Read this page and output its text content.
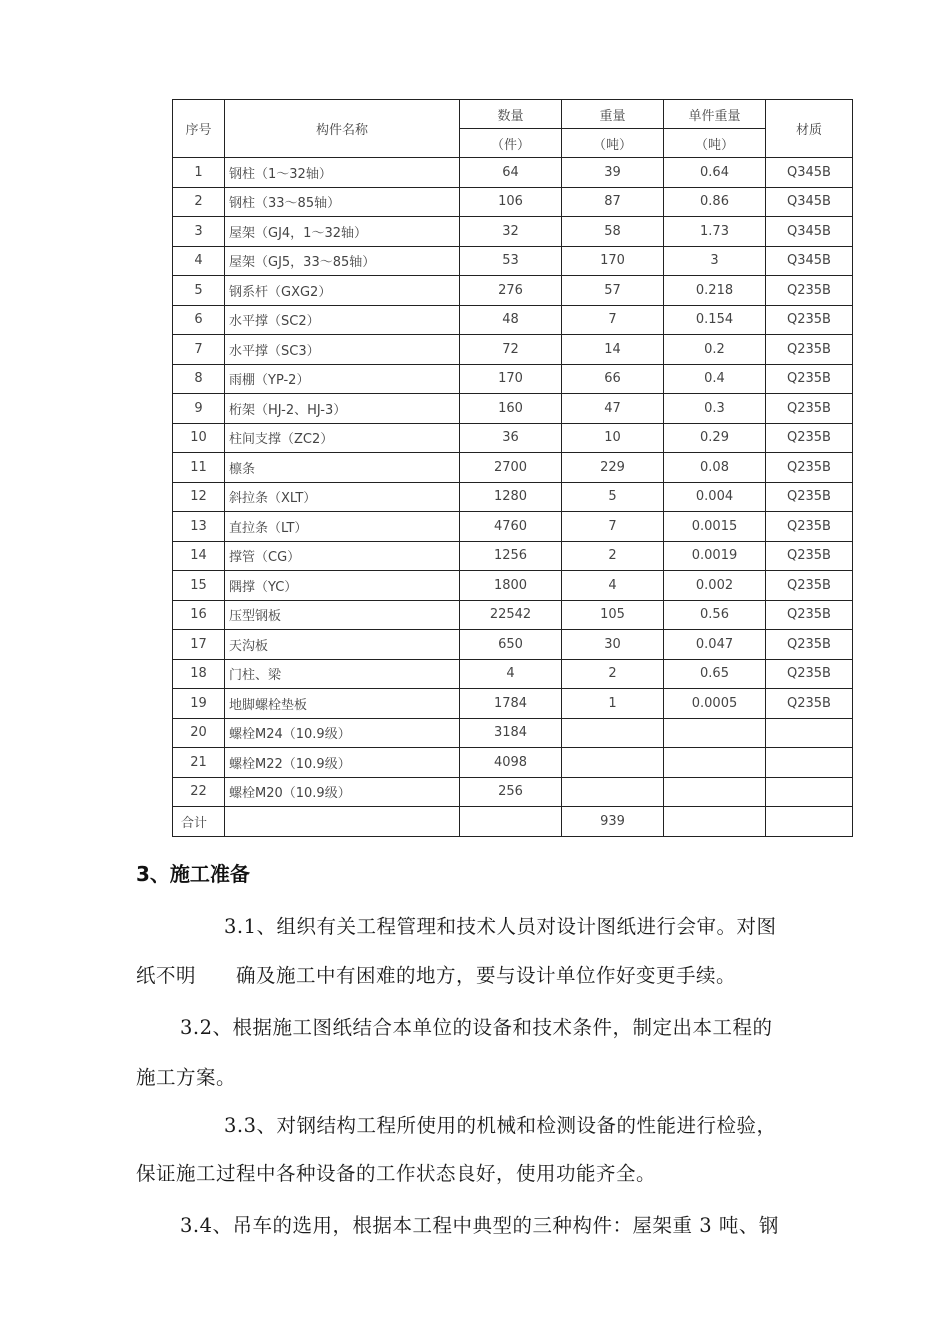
序号	构件名称	数量	重量	单件重量	材质
		（件）	（吨）	（吨）	
1	钢柱（1～32轴）	64	39	0.64	Q345B
2	钢柱（33～85轴）	106	87	0.86	Q345B
3	屋架（GJ4，1～32轴）	32	58	1.73	Q345B
4	屋架（GJ5，33～85轴）	53	170	3	Q345B
5	钢系杆（GXG2）	276	57	0.218	Q235B
6	水平撑（SC2）	48	7	0.154	Q235B
7	水平撑（SC3）	72	14	0.2	Q235B
8	雨棚（YP-2）	170	66	0.4	Q235B
9	桁架（HJ-2、HJ-3）	160	47	0.3	Q235B
10	柱间支撑（ZC2）	36	10	0.29	Q235B
11	檩条	2700	229	0.08	Q235B
12	斜拉条（XLT）	1280	5	0.004	Q235B
13	直拉条（LT）	4760	7	0.0015	Q235B
14	撑管（CG）	1256	2	0.0019	Q235B
15	隅撑（YC）	1800	4	0.002	Q235B
16	压型钢板	22542	105	0.56	Q235B
17	天沟板	650	30	0.047	Q235B
18	门柱、梁	4	2	0.65	Q235B
19	地脚螺栓垫板	1784	1	0.0005	Q235B
20	螺栓M24（10.9级）	3184			
21	螺栓M22（10.9级）	4098			
22	螺栓M20（10.9级）	256			
合计			939		
3、施工准备
3.1、组织有关工程管理和技术人员对设计图纸进行会审。对图
纸不明　　确及施工中有困难的地方，要与设计单位作好变更手续。
3.2、根据施工图纸结合本单位的设备和技术条件，制定出本工程的
施工方案。
3.3、对钢结构工程所使用的机械和检测设备的性能进行检验，
保证施工过程中各种设备的工作状态良好，使用功能齐全。
3.4、吊车的选用，根据本工程中典型的三种构件：屋架重 3 吨、钢
